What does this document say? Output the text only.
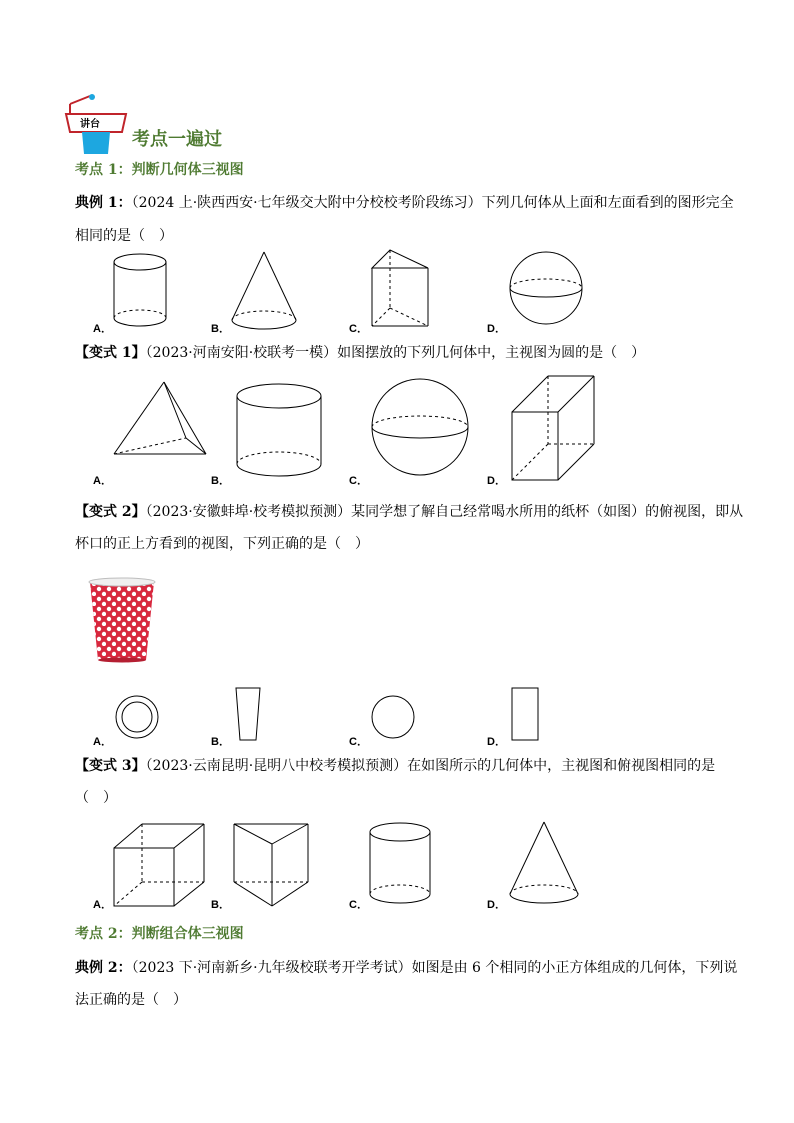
讲台
考点一遍过
考点 1：判断几何体三视图
典例 1：（2024 上·陕西西安·七年级交大附中分校校考阶段练习）下列几何体从上面和左面看到的图形完全
相同的是（　）
A．	B．	C．	D．
【变式 1】（2023·河南安阳·校联考一模）如图摆放的下列几何体中，主视图为圆的是（　）
A．	B．	C．	D．
【变式 2】（2023·安徽蚌埠·校考模拟预测）某同学想了解自己经常喝水所用的纸杯（如图）的俯视图，即从
杯口的正上方看到的视图，下列正确的是（　）
A．	B．	C．	D．
【变式 3】（2023·云南昆明·昆明八中校考模拟预测）在如图所示的几何体中，主视图和俯视图相同的是
（　）
A．	B．	C．	D．
考点 2：判断组合体三视图
典例 2：（2023 下·河南新乡·九年级校联考开学考试）如图是由 6 个相同的小正方体组成的几何体，下列说
法正确的是（　）
